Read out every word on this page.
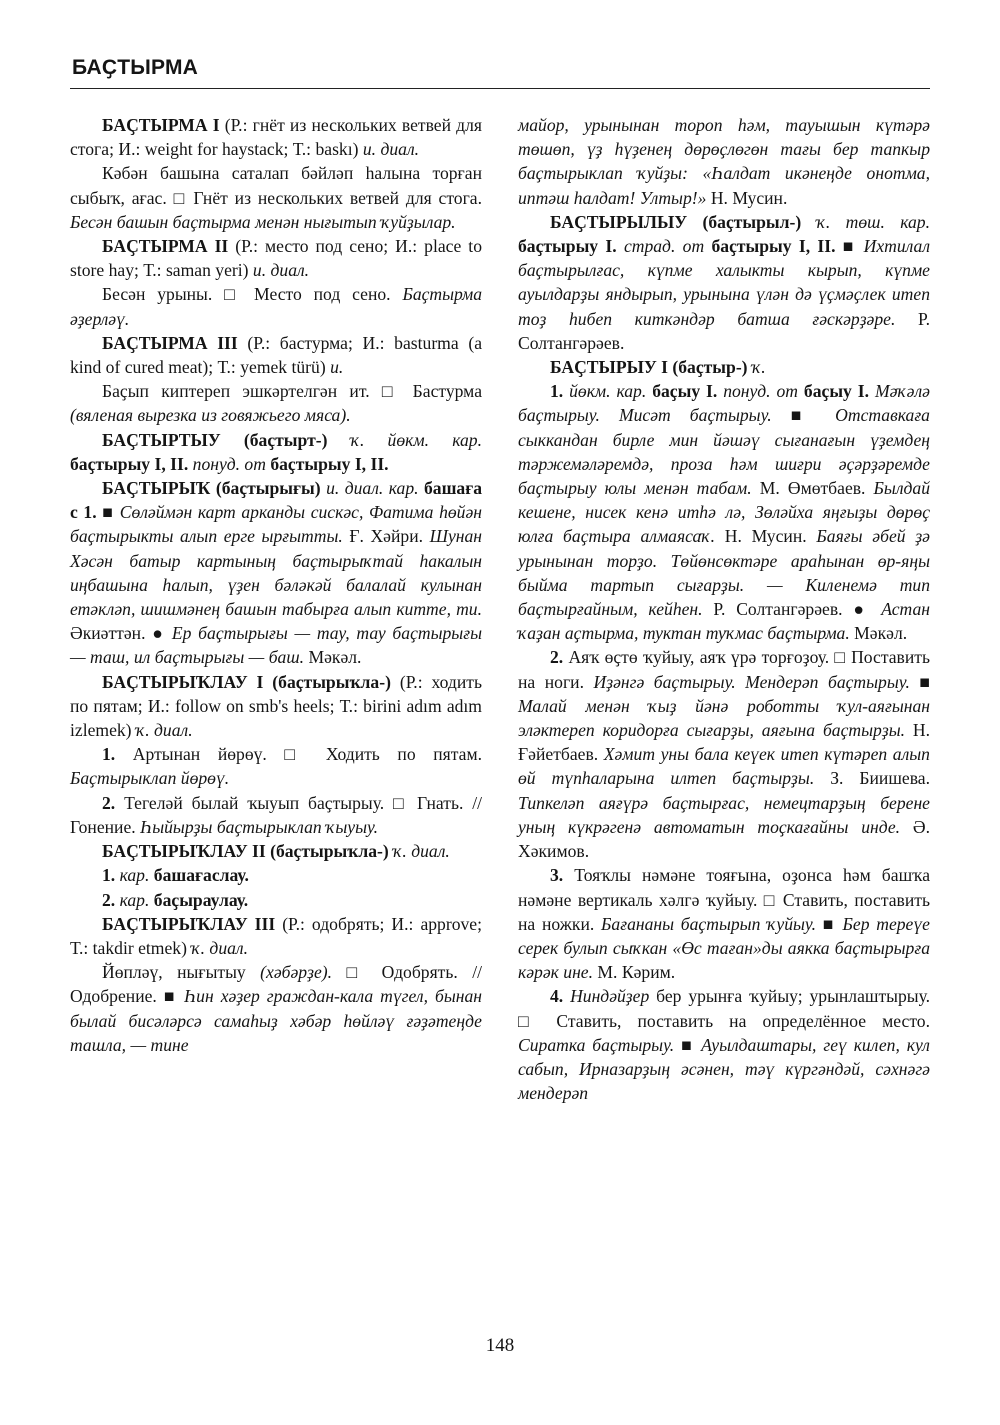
БАҪТЫРМА

БАҪТЫРМА I (Р.: гнёт из нескольких ветвей для стога; И.: weight for haystack; Т.: baskı) и. диал.

Кәбән башына саталап бәйләп һалына торған сыбыҡ, ағас. □ Гнёт из нескольких ветвей для стога. Бесән башын баҫтырма менән нығытып ҡуйҙылар.

БАҪТЫРМА II (Р.: место под сено; И.: place to store hay; Т.: saman yeri) и. диал.

Бесән урыны. □ Место под сено. Баҫтырма әҙерләү.

БАҪТЫРМА III (Р.: бастурма; И.: basturma (a kind of cured meat); Т.: yemek türü) и.

Баҫып киптереп эшкәртелгән ит. □ Бастурма (вяленая вырезка из говяжьего мяса).

БАҪТЫРТЫУ (баҫтырт-) ҡ. йөкм. кар. баҫтырыу I, II. понуд. от баҫтырыу I, II.

БАҪТЫРЫҠ (баҫтырығы) и. диал. кар. башаға с 1. ■ Сөләймән карт арканды сискәс, Фатима һөйән баҫтырыкты алып ерге ырғытты. Ғ. Хәйри. Шунан Хәсән батыр картының баҫтырыҡтай һакалын иңбашына һалып, үҙен бәләкәй балалай кулынан етәкләп, шишмәнең башын табырға алып китте, ти. Әкиәттән. ● Ер баҫтырығы — тау, тау баҫтырығы — таш, ил баҫтырығы — баш. Мәкәл.

БАҪТЫРЫҠЛАУ I (баҫтырыҡла-) (Р.: ходить по пятам; И.: follow on smb's heels; Т.: birini adım adım izlemek) ҡ. диал.

1. Артынан йөрөү. □ Ходить по пятам. Баҫтырыклап йөрөү.

2. Тегеләй былай ҡыуып баҫтырыу. □ Гнать. // Гонение. Һыйырҙы баҫтырыклап ҡыуыу.

БАҪТЫРЫҠЛАУ II (баҫтырыҡла-) ҡ. диал.

1. кар. башағаслау.

2. кар. баҫыраулау.

БАҪТЫРЫҠЛАУ III (Р.: одобрять; И.: approve; Т.: takdir etmek) ҡ. диал.

Йөпләү, нығытыу (хәбәрҙе). □ Одобрять. // Одобрение. ■ Һин хәҙер граждан-кала түгел, бынан былай бисәләрсә самаһыҙ хәбәр һөйләү ғәҙәтеңде ташла, — тине

майор, урынынан тороп һәм, тауышын күтәрә төшөп, үҙ һүҙенең дөрөҫлөгөн тағы бер тапкыр баҫтырыклап ҡуйҙы: «Һалдат икәнеңде онотма, иптәш һалдат! Ултыр!» Н. Мусин.

БАҪТЫРЫЛЫУ (баҫтырыл-) ҡ. төш. кар. баҫтырыу I. страд. от баҫтырыу I, II. ■ Ихтилал баҫтырылғас, күпме халыкты кырып, күпме ауылдарҙы яндырып, урынына үлән дә үҫмәҫлек итеп тоҙ һибеп киткәндәр батша ғәскәрҙәре. Р. Солтангәрәев.

БАҪТЫРЫУ I (баҫтыр-) ҡ.

1. йөкм. кар. баҫыу I. понуд. от баҫыу I. Мәҡәлә баҫтырыу. Мисәт баҫтырыу. ■ Отставкаға сыккандан бирле мин йәшәү сығанағын үҙемдең тәржемәләремдә, проза һәм шиғри әҫәрҙәремде баҫтырыу юлы менән табам. М. Өмөтбаев. Былдай кешене, нисек кенә итһә лә, Зөләйха яңғыҙы дөрөҫ юлға баҫтыра алмаясаҡ. Н. Мусин. Баяғы әбей ҙә урынынан торҙо. Төйөнсөктәре араһынан өр-яңы быйма тартып сығарҙы. — Киленемә тип баҫтырғайным, кейһен. Р. Солтангәрәев. ● Астан ҡаҙан аҫтырма, туктан туҡмас баҫтырма. Мәкәл.

2. Аяҡ өҫтө ҡуйыу, аяҡ үрә торғоҙоу. □ Поставить на ноги. Иҙәнгә баҫтырыу. Мендерәп баҫтырыу. ■ Малай менән ҡыҙ йәнә роботты ҡул-аяғынан эләктереп коридорға сығарҙы, аяғына баҫтырҙы. Н. Ғәйетбаев. Хәмит уны бала кеүек итеп күтәреп алып өй түпһаларына илтеп баҫтырҙы. З. Биишева. Типкеләп аяғүрә баҫтырғас, немецтарҙың берене уның күкрәгенә автоматын тоҫкағайны инде. Ә. Хәкимов.

3. Тояҡлы нәмәне тояғына, оҙонса һәм башҡа нәмәне вертикаль хәлгә ҡуйыу. □ Ставить, поставить на ножки. Бағананы баҫтырып ҡуйыу. ■ Бер тереүе серек булып сыҡкан «Өс таған»ды аякка баҫтырырға кәрәк ине. М. Кәрим.

4. Ниндәйҙер бер урынға ҡуйыу; урынлаштырыу. □ Ставить, поставить на определённое место. Сиратка баҫтырыу. ■ Ауылдаштары, геү килеп, кул сабып, Ирназарҙың әсәнен, тәү күргәндәй, сәхнәгә мендерәп

148
